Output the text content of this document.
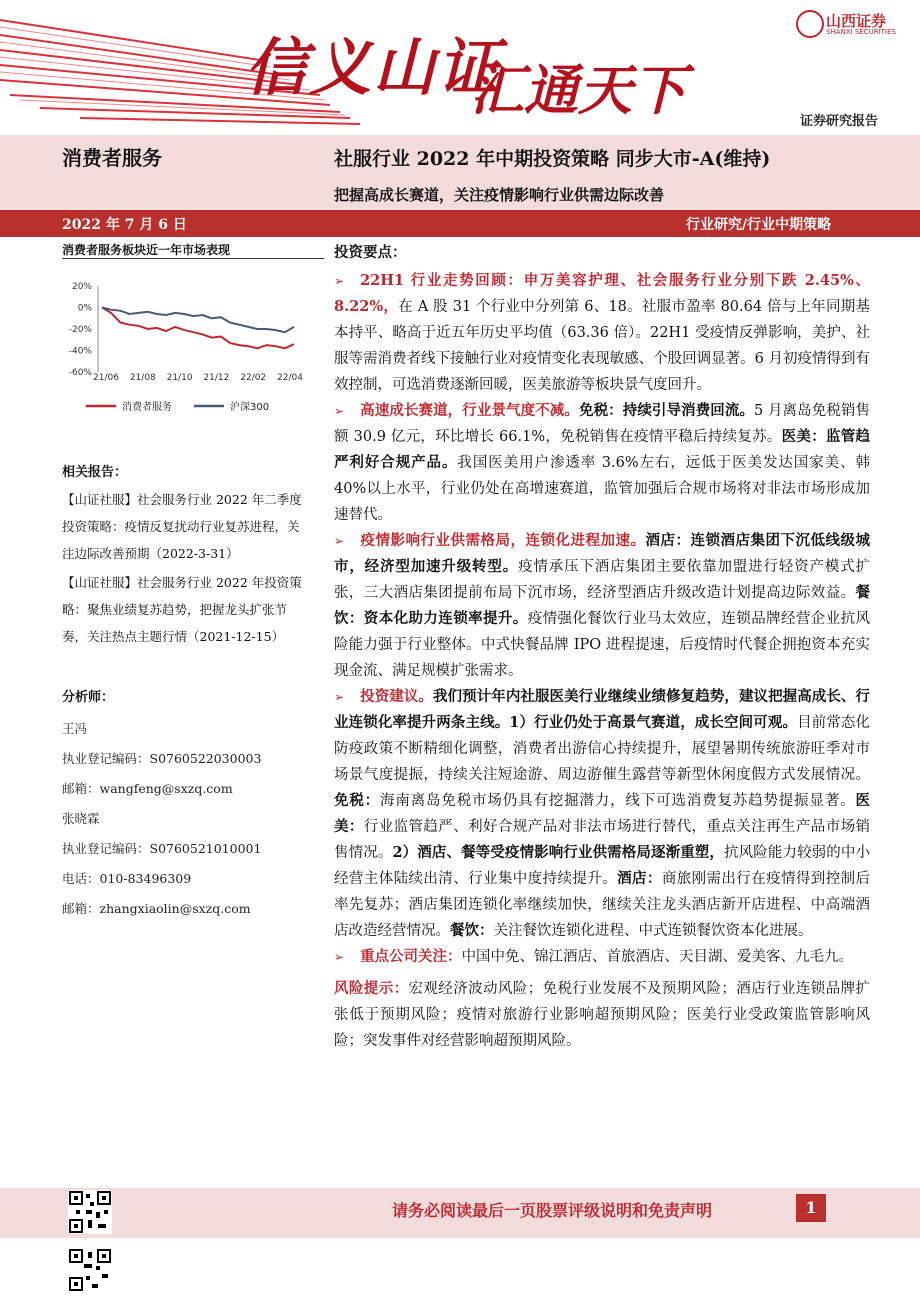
信义山证
汇通天下
山西证券
SHANXI SECURITIES
证券研究报告
消费者服务	社服行业 2022 年中期投资策略 同步大市-A(维持)
把握高成长赛道，关注疫情影响行业供需边际改善
2022 年 7 月 6 日	行业研究/行业中期策略
消费者服务板块近一年市场表现
20%
0%
-20%
-40%
-60% 21/06 21/08 21/10 21/12 22/02 22/04
消费者服务	沪深300
相关报告：
【山证社服】社会服务行业 2022 年二季度投资策略：疫情反复扰动行业复苏进程，关注边际改善预期（2022-3-31）
【山证社服】社会服务行业 2022 年投资策略：聚焦业绩复苏趋势，把握龙头扩张节奏，关注热点主题行情（2021-12-15）
分析师：
王冯
执业登记编码：S0760522030003
邮箱：wangfeng@sxzq.com
张晓霖
执业登记编码：S0760521010001
电话：010-83496309
邮箱：zhangxiaolin@sxzq.com

投资要点：

➢ 22H1 行业走势回顾：申万美容护理、社会服务行业分别下跌 2.45%、8.22%，在 A 股 31 个行业中分列第 6、18。社服市盈率 80.64 倍与上年同期基本持平、略高于近五年历史平均值（63.36 倍）。22H1 受疫情反弹影响，美护、社服等需消费者线下接触行业对疫情变化表现敏感、个股回调显著。6 月初疫情得到有效控制，可选消费逐渐回暖，医美旅游等板块景气度回升。

➢ 高速成长赛道，行业景气度不减。免税：持续引导消费回流。5 月离岛免税销售额 30.9 亿元，环比增长 66.1%，免税销售在疫情平稳后持续复苏。医美：监管趋严利好合规产品。我国医美用户渗透率 3.6%左右，远低于医美发达国家美、韩 40%以上水平，行业仍处在高增速赛道，监管加强后合规市场将对非法市场形成加速替代。

➢ 疫情影响行业供需格局，连锁化进程加速。酒店：连锁酒店集团下沉低线级城市，经济型加速升级转型。疫情承压下酒店集团主要依靠加盟进行轻资产模式扩张，三大酒店集团提前布局下沉市场，经济型酒店升级改造计划提高边际效益。餐饮：资本化助力连锁率提升。疫情强化餐饮行业马太效应，连锁品牌经营企业抗风险能力强于行业整体。中式快餐品牌 IPO 进程提速，后疫情时代餐企拥抱资本充实现金流、满足规模扩张需求。

➢ 投资建议。我们预计年内社服医美行业继续业绩修复趋势，建议把握高成长、行业连锁化率提升两条主线。1）行业仍处于高景气赛道，成长空间可观。目前常态化防疫政策不断精细化调整，消费者出游信心持续提升，展望暑期传统旅游旺季对市场景气度提振，持续关注短途游、周边游催生露营等新型休闲度假方式发展情况。免税：海南离岛免税市场仍具有挖掘潜力，线下可选消费复苏趋势提振显著。医美：行业监管趋严、利好合规产品对非法市场进行替代，重点关注再生产品市场销售情况。2）酒店、餐等受疫情影响行业供需格局逐渐重塑，抗风险能力较弱的中小经营主体陆续出清、行业集中度持续提升。酒店：商旅刚需出行在疫情得到控制后率先复苏；酒店集团连锁化率继续加快，继续关注龙头酒店新开店进程、中高端酒店改造经营情况。餐饮：关注餐饮连锁化进程、中式连锁餐饮资本化进展。

➢ 重点公司关注：中国中免、锦江酒店、首旅酒店、天目湖、爱美客、九毛九。

风险提示：宏观经济波动风险；免税行业发展不及预期风险；酒店行业连锁品牌扩张低于预期风险；疫情对旅游行业影响超预期风险；医美行业受政策监管影响风险；突发事件对经营影响超预期风险。

请务必阅读最后一页股票评级说明和免责声明	1
